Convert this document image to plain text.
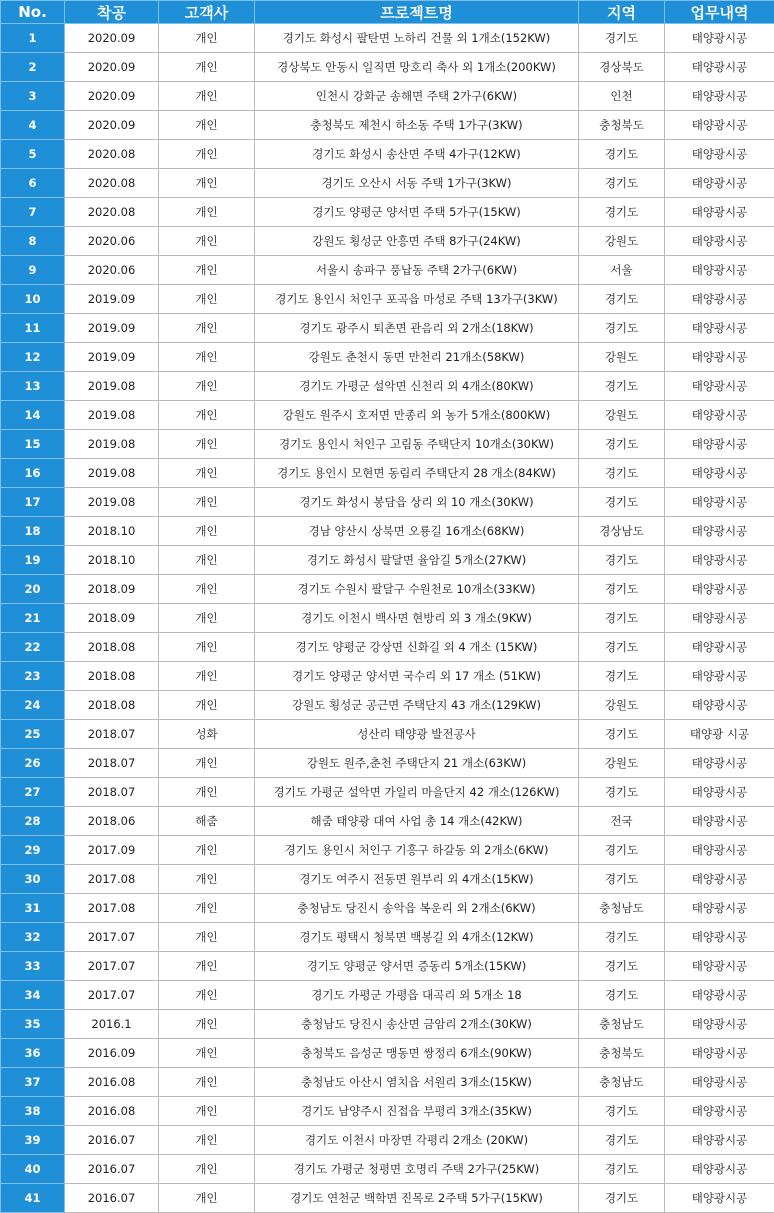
No.	착공	고객사	프로젝트명	지역	업무내역
1	2020.09	개인	경기도 화성시 팔탄면 노하리 건물 외 1개소(152KW)	경기도	태양광시공
2	2020.09	개인	경상북도 안동시 일직면 망호리 축사 외 1개소(200KW)	경상북도	태양광시공
3	2020.09	개인	인천시 강화군 송해면 주택 2가구(6KW)	인천	태양광시공
4	2020.09	개인	충청북도 제천시 하소동 주택 1가구(3KW)	충청북도	태양광시공
5	2020.08	개인	경기도 화성시 송산면 주택 4가구(12KW)	경기도	태양광시공
6	2020.08	개인	경기도 오산시 서동 주택 1가구(3KW)	경기도	태양광시공
7	2020.08	개인	경기도 양평군 양서면 주택 5가구(15KW)	경기도	태양광시공
8	2020.06	개인	강원도 횡성군 안흥면 주택 8가구(24KW)	강원도	태양광시공
9	2020.06	개인	서울시 송파구 풍납동 주택 2가구(6KW)	서울	태양광시공
10	2019.09	개인	경기도 용인시 처인구 포곡읍 마성로 주택 13가구(3KW)	경기도	태양광시공
11	2019.09	개인	경기도 광주시 퇴촌면 관음리 외 2개소(18KW)	경기도	태양광시공
12	2019.09	개인	강원도 춘천시 동면 만천리 21개소(58KW)	강원도	태양광시공
13	2019.08	개인	경기도 가평군 설악면 신천리 외 4개소(80KW)	경기도	태양광시공
14	2019.08	개인	강원도 원주시 호저면 만종리 외 농가 5개소(800KW)	강원도	태양광시공
15	2019.08	개인	경기도 용인시 처인구 고림동 주택단지 10개소(30KW)	경기도	태양광시공
16	2019.08	개인	경기도 용인시 모현면 동림리 주택단지 28 개소(84KW)	경기도	태양광시공
17	2019.08	개인	경기도 화성시 봉담읍 상리 외 10 개소(30KW)	경기도	태양광시공
18	2018.10	개인	경남 양산시 상북면 오룡길 16개소(68KW)	경상남도	태양광시공
19	2018.10	개인	경기도 화성시 팔달면 율암길 5개소(27KW)	경기도	태양광시공
20	2018.09	개인	경기도 수원시 팔달구 수원천로 10개소(33KW)	경기도	태양광시공
21	2018.09	개인	경기도 이천시 백사면 현방리 외 3 개소(9KW)	경기도	태양광시공
22	2018.08	개인	경기도 양평군 강상면 신화길 외 4 개소 (15KW)	경기도	태양광시공
23	2018.08	개인	경기도 양평군 양서면 국수리 외 17 개소 (51KW)	경기도	태양광시공
24	2018.08	개인	강원도 횡성군 공근면 주택단지 43 개소(129KW)	강원도	태양광시공
25	2018.07	성화	성산리 태양광 발전공사	경기도	태양광 시공
26	2018.07	개인	강원도 원주,춘천 주택단지 21 개소(63KW)	강원도	태양광시공
27	2018.07	개인	경기도 가평군 설악면 가일리 마을단지 42 개소(126KW)	경기도	태양광시공
28	2018.06	해줌	해줌 태양광 대여 사업 총 14 개소(42KW)	전국	태양광시공
29	2017.09	개인	경기도 용인시 처인구 기흥구 하갈동 외 2개소(6KW)	경기도	태양광시공
30	2017.08	개인	경기도 여주시 전동면 원부리 외 4개소(15KW)	경기도	태양광시공
31	2017.08	개인	충청남도 당진시 송악읍 복운리 외 2개소(6KW)	충청남도	태양광시공
32	2017.07	개인	경기도 평택시 청북면 백봉길 외 4개소(12KW)	경기도	태양광시공
33	2017.07	개인	경기도 양평군 양서면 증동리 5개소(15KW)	경기도	태양광시공
34	2017.07	개인	경기도 가평군 가평읍 대곡리 외 5개소 18	경기도	태양광시공
35	2016.1	개인	충청남도 당진시 송산면 금암리 2개소(30KW)	충청남도	태양광시공
36	2016.09	개인	충청북도 음성군 맹동면 쌍정리 6개소(90KW)	충청북도	태양광시공
37	2016.08	개인	충청남도 아산시 염치읍 서원리 3개소(15KW)	충청남도	태양광시공
38	2016.08	개인	경기도 남양주시 진접읍 부평리 3개소(35KW)	경기도	태양광시공
39	2016.07	개인	경기도 이천시 마장면 각평리 2개소 (20KW)	경기도	태양광시공
40	2016.07	개인	경기도 가평군 청평면 호명리 주택 2가구(25KW)	경기도	태양광시공
41	2016.07	개인	경기도 연천군 백학면 진목로 2주택 5가구(15KW)	경기도	태양광시공
